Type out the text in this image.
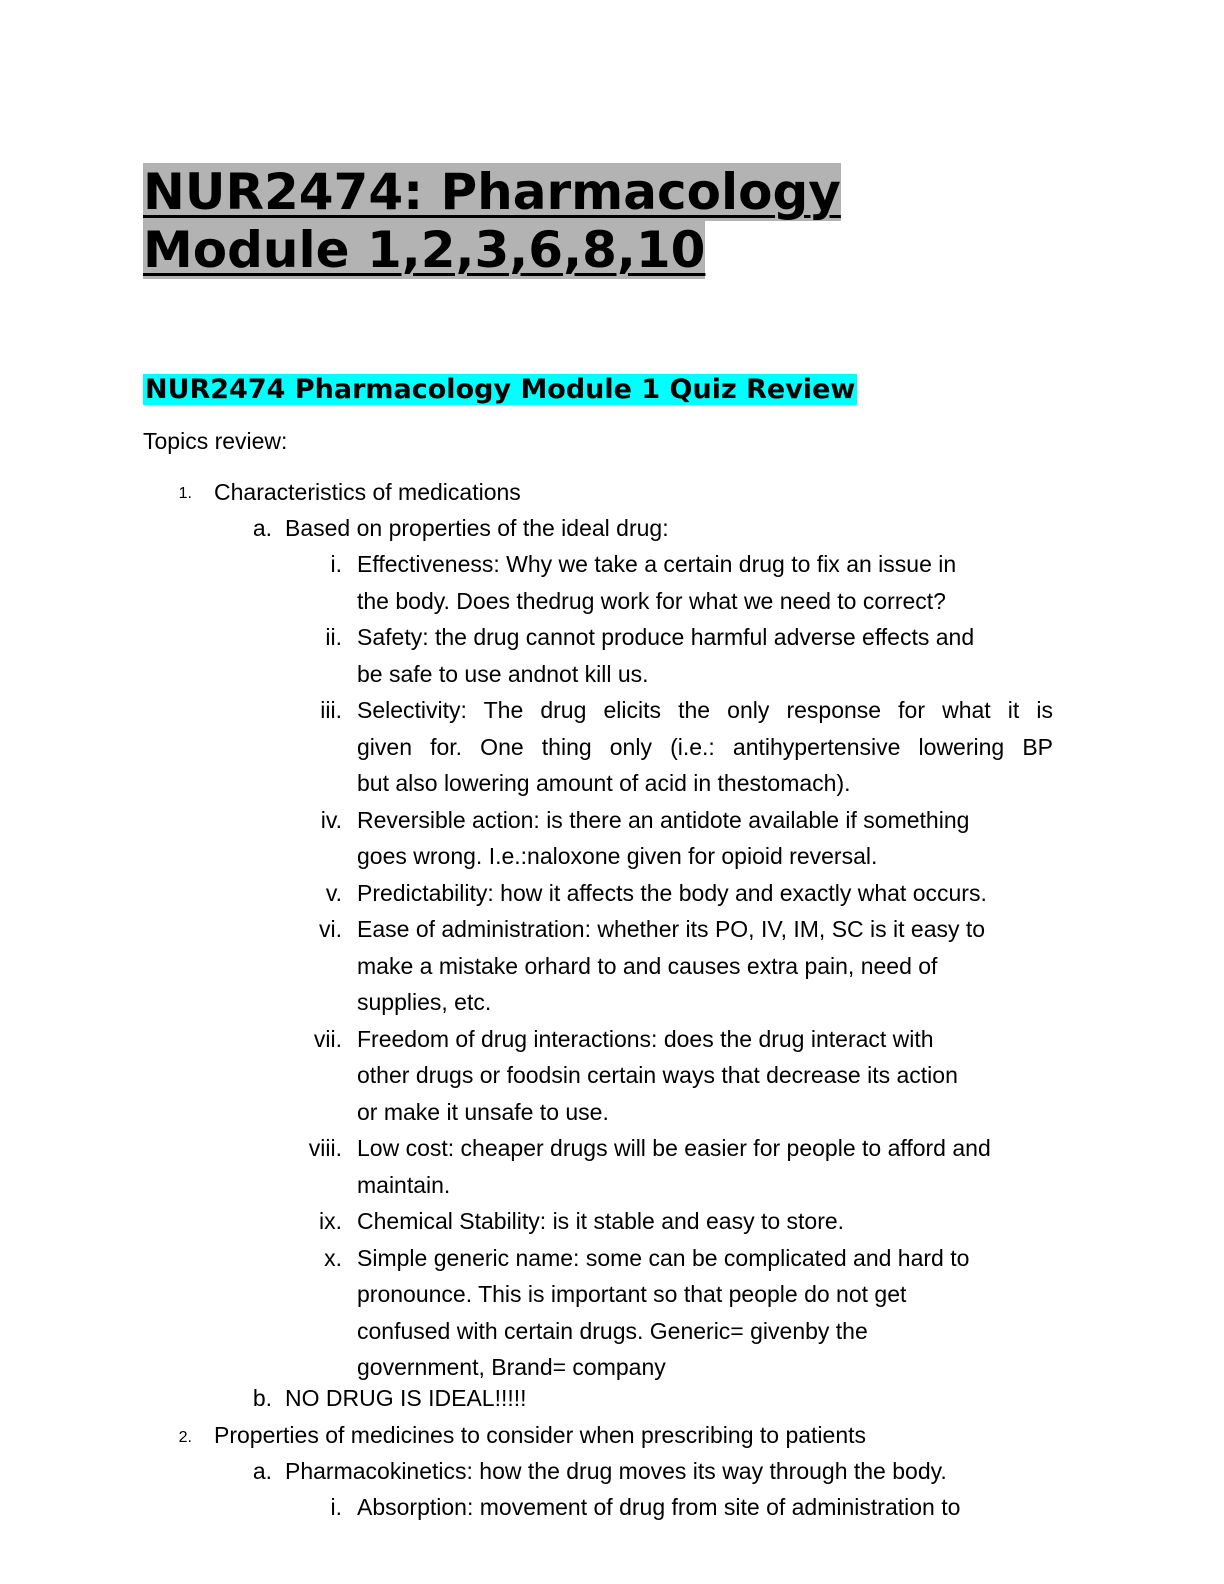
NUR2474: Pharmacology Module 1,2,3,6,8,10
NUR2474 Pharmacology Module 1 Quiz Review
Topics review:
1. Characteristics of medications
a. Based on properties of the ideal drug:
i. Effectiveness: Why we take a certain drug to fix an issue in
the body. Does thedrug work for what we need to correct?
ii. Safety: the drug cannot produce harmful adverse effects and
be safe to use andnot kill us.
iii. Selectivity: The drug elicits the only response for what it is
given for. One thing only (i.e.: antihypertensive lowering BP
but also lowering amount of acid in thestomach).
iv. Reversible action: is there an antidote available if something
goes wrong. I.e.:naloxone given for opioid reversal.
v. Predictability: how it affects the body and exactly what occurs.
vi. Ease of administration: whether its PO, IV, IM, SC is it easy to
make a mistake orhard to and causes extra pain, need of
supplies, etc.
vii. Freedom of drug interactions: does the drug interact with
other drugs or foodsin certain ways that decrease its action
or make it unsafe to use.
viii. Low cost: cheaper drugs will be easier for people to afford and
maintain.
ix. Chemical Stability: is it stable and easy to store.
x. Simple generic name: some can be complicated and hard to
pronounce. This is important so that people do not get
confused with certain drugs. Generic= givenby the
government, Brand= company
b. NO DRUG IS IDEAL!!!!!
2. Properties of medicines to consider when prescribing to patients
a. Pharmacokinetics: how the drug moves its way through the body.
i. Absorption: movement of drug from site of administration to
